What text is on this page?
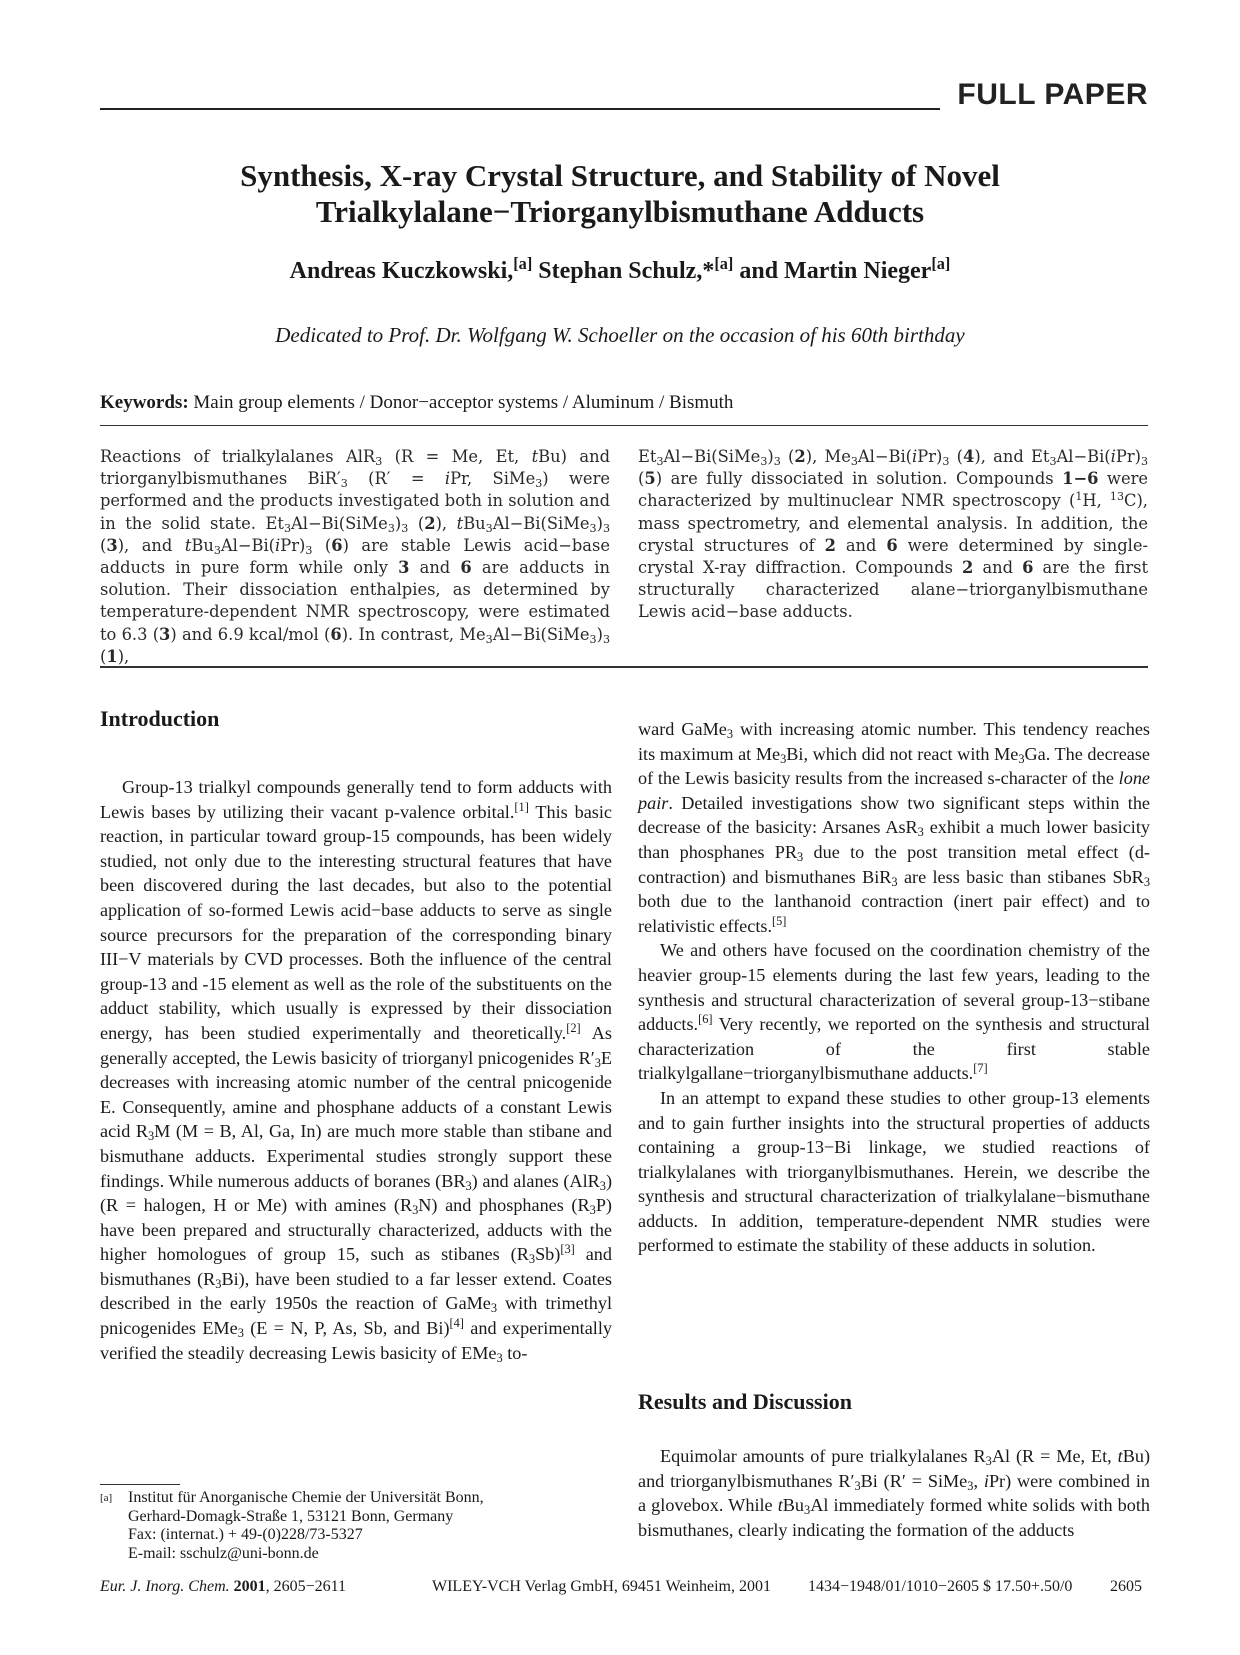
FULL PAPER
Synthesis, X-ray Crystal Structure, and Stability of Novel
Trialkylalane−Triorganylbismuthane Adducts
Andreas Kuczkowski,[a] Stephan Schulz,*[a] and Martin Nieger[a]
Dedicated to Prof. Dr. Wolfgang W. Schoeller on the occasion of his 60th birthday
Keywords: Main group elements / Donor−acceptor systems / Aluminum / Bismuth
Reactions of trialkylalanes AlR$_3$ (R = Me, Et, tBu) and triorganylbismuthanes $BiR'_3$ (R′ = iPr, SiMe$_3$) were performed and the products investigated both in solution and in the solid state. $Et_3Al-Bi(SiMe_3)_3$ (2), $tBu_3Al-Bi(SiMe_3)_3$ (3), and $tBu_3Al-Bi(iPr)_3$ (6) are stable Lewis acid−base adducts in pure form while only 3 and 6 are adducts in solution. Their dissociation enthalpies, as determined by temperature-dependent NMR spectroscopy, were estimated to 6.3 (3) and 6.9 kcal/mol (6). In contrast, $Me_3Al-Bi(SiMe_3)_3$ (1),
$Et_3Al-Bi(SiMe_3)_3$ (2), $Me_3Al-Bi(iPr)_3$ (4), and $Et_3Al-Bi(iPr)_3$ (5) are fully dissociated in solution. Compounds 1−6 were characterized by multinuclear NMR spectroscopy ($^1$H, $^{13}$C), mass spectrometry, and elemental analysis. In addition, the crystal structures of 2 and 6 were determined by single-crystal X-ray diffraction. Compounds 2 and 6 are the first structurally characterized alane−triorganylbismuthane Lewis acid−base adducts.
Introduction

Group-13 trialkyl compounds generally tend to form adducts with Lewis bases by utilizing their vacant p-valence orbital.[1] This basic reaction, in particular toward group-15 compounds, has been widely studied, not only due to the interesting structural features that have been discovered during the last decades, but also to the potential application of so-formed Lewis acid−base adducts to serve as single source precursors for the preparation of the corresponding binary III−V materials by CVD processes. Both the influence of the central group-13 and -15 element as well as the role of the substituents on the adduct stability, which usually is expressed by their dissociation energy, has been studied experimentally and theoretically.[2] As generally accepted, the Lewis basicity of triorganyl pnicogenides $R'_3E$ decreases with increasing atomic number of the central pnicogenide E. Consequently, amine and phosphane adducts of a constant Lewis acid $R_3M$ (M = B, Al, Ga, In) are much more stable than stibane and bismuthane adducts. Experimental studies strongly support these findings. While numerous adducts of boranes $(BR_3)$ and alanes (AlR$_3$) (R = halogen, H or Me) with amines $(R_3N)$ and phosphanes $(R_3P)$ have been prepared and structurally characterized, adducts with the higher homologues of group 15, such as stibanes $(R_3Sb)[3]$ and bismuthanes $(R_3Bi)$, have been studied to a far lesser extend. Coates described in the early 1950s the reaction of GaMe$_3$ with trimethyl pnicogenides EMe$_3$ (E = N, P, As, Sb, and Bi)[4] and experimentally verified the steadily decreasing Lewis basicity of EMe$_3$ to-

[a] Institut für Anorganische Chemie der Universität Bonn,
Gerhard-Domagk-Straße 1, 53121 Bonn, Germany
Fax: (internat.) + 49-(0)228/73-5327
E-mail: sschulz@uni-bonn.de

ward GaMe$_3$ with increasing atomic number. This tendency reaches its maximum at $Me_3Bi$, which did not react with $Me_3Ga$. The decrease of the Lewis basicity results from the increased s-character of the lone pair. Detailed investigations show two significant steps within the decrease of the basicity: Arsanes AsR$_3$ exhibit a much lower basicity than phosphanes $PR_3$ due to the post transition metal effect (d-contraction) and bismuthanes BiR$_3$ are less basic than stibanes SbR$_3$ both due to the lanthanoid contraction (inert pair effect) and to relativistic effects.[5]

We and others have focused on the coordination chemistry of the heavier group-15 elements during the last few years, leading to the synthesis and structural characterization of several group-13−stibane adducts.[6] Very recently, we reported on the synthesis and structural characterization of the first stable trialkylgallane−triorganylbismuthane adducts.[7]

In an attempt to expand these studies to other group-13 elements and to gain further insights into the structural properties of adducts containing a group-13−Bi linkage, we studied reactions of trialkylalanes with triorganylbismuthanes. Herein, we describe the synthesis and structural characterization of trialkylalane−bismuthane adducts. In addition, temperature-dependent NMR studies were performed to estimate the stability of these adducts in solution.

Results and Discussion

Equimolar amounts of pure trialkylalanes $R_3Al$ (R = Me, Et, tBu) and triorganylbismuthanes $R'_3Bi$ (R′ = SiMe$_3$, iPr) were combined in a glovebox. While tBu$_3$Al immediately formed white solids with both bismuthanes, clearly indicating the formation of the adducts

Eur. J. Inorg. Chem. 2001, 2605−2611	WILEY-VCH Verlag GmbH, 69451 Weinheim, 2001 1434−1948/01/1010−2605 $ 17.50+.50/0 2605
